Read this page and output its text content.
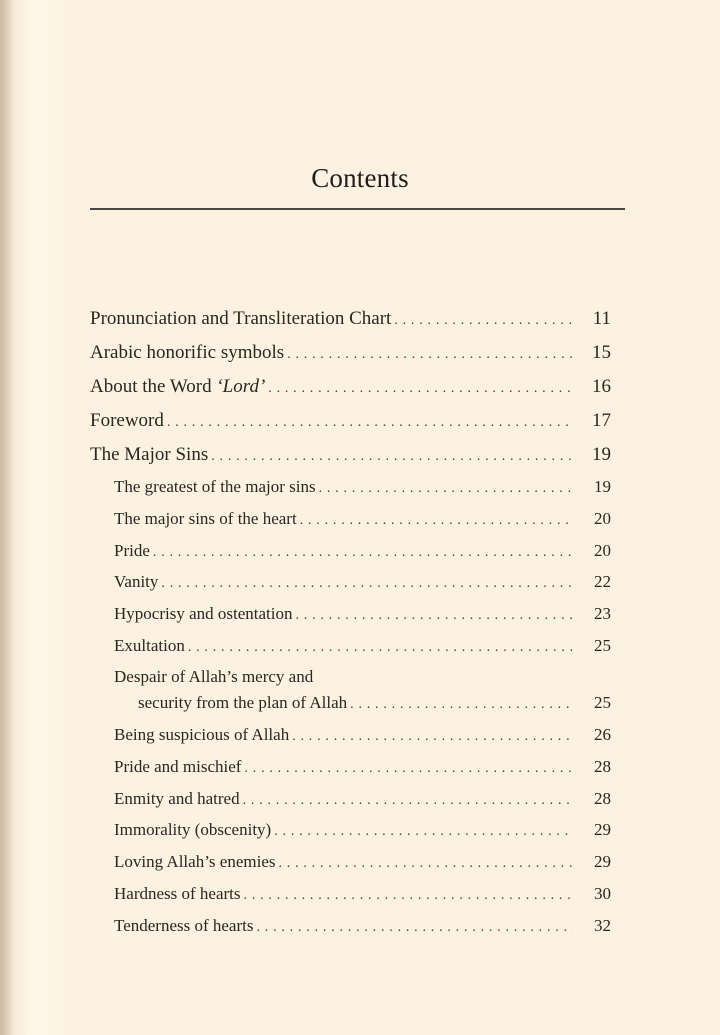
Contents
Pronunciation and Transliteration Chart . . .	11
Arabic honorific symbols . . .	15
About the Word ‘Lord’ . . .	16
Foreword . . .	17
The Major Sins . . .	19
The greatest of the major sins . . .	19
The major sins of the heart . . .	20
Pride . . .	20
Vanity . . .	22
Hypocrisy and ostentation . . .	23
Exultation . . .	25
Despair of Allah’s mercy and
security from the plan of Allah . . .	25
Being suspicious of Allah . . .	26
Pride and mischief . . .	28
Enmity and hatred . . .	28
Immorality (obscenity) . . .	29
Loving Allah’s enemies . . .	29
Hardness of hearts . . .	30
Tenderness of hearts . . .	32
